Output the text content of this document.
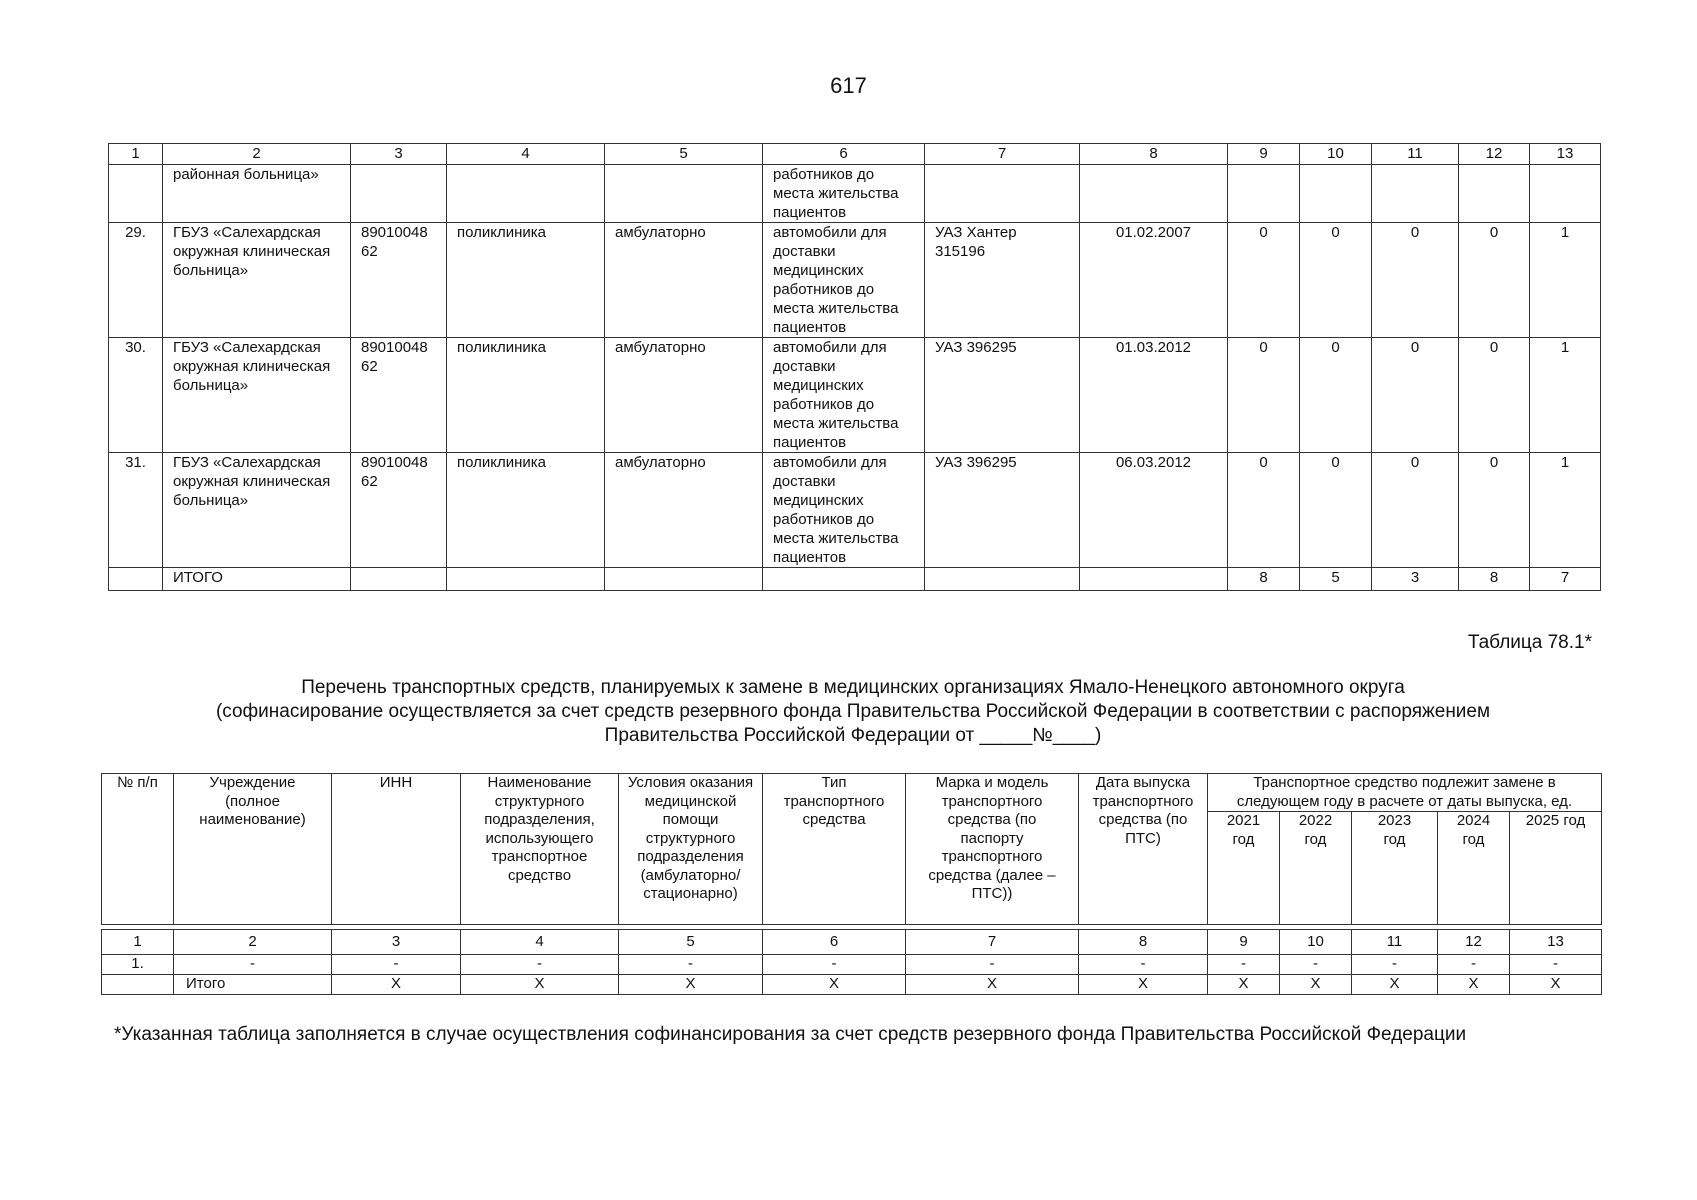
617
1	2	3	4	5	6	7	8	9	10	11	12	13
	районная больница»				работников до места жительства пациентов							
29.	ГБУЗ «Салехардская окружная клиническая больница»	8901004862	поликлиника	амбулаторно	автомобили для доставки медицинских работников до места жительства пациентов	УАЗ Хантер 315196	01.02.2007	0	0	0	0	1
30.	ГБУЗ «Салехардская окружная клиническая больница»	8901004862	поликлиника	амбулаторно	автомобили для доставки медицинских работников до места жительства пациентов	УАЗ 396295	01.03.2012	0	0	0	0	1
31.	ГБУЗ «Салехардская окружная клиническая больница»	8901004862	поликлиника	амбулаторно	автомобили для доставки медицинских работников до места жительства пациентов	УАЗ 396295	06.03.2012	0	0	0	0	1
	ИТОГО							8	5	3	8	7
Таблица 78.1*
Перечень транспортных средств, планируемых к замене в медицинских организациях Ямало-Ненецкого автономного округа
(софинасирование осуществляется за счет средств резервного фонда Правительства Российской Федерации в соответствии с распоряжением
Правительства Российской Федерации от _____№____)
№ п/п	Учреждение (полное наименование)	ИНН	Наименование структурного подразделения, использующего транспортное средство	Условия оказания медицинской помощи структурного подразделения (амбулаторно/ стационарно)	Тип транспортного средства	Марка и модель транспортного средства (по паспорту транспортного средства (далее – ПТС))	Дата выпуска транспортного средства (по ПТС)	Транспортное средство подлежит замене в следующем году в расчете от даты выпуска, ед.				
								2021 год	2022 год	2023 год	2024 год	2025 год

1	2	3	4	5	6	7	8	9	10	11	12	13
1.	-	-	-	-	-	-	-	-	-	-	-	-
	Итого	Х	Х	Х	Х	Х	Х	Х	Х	Х	Х	Х
*Указанная таблица заполняется в случае осуществления софинансирования за счет средств резервного фонда Правительства Российской Федерации
